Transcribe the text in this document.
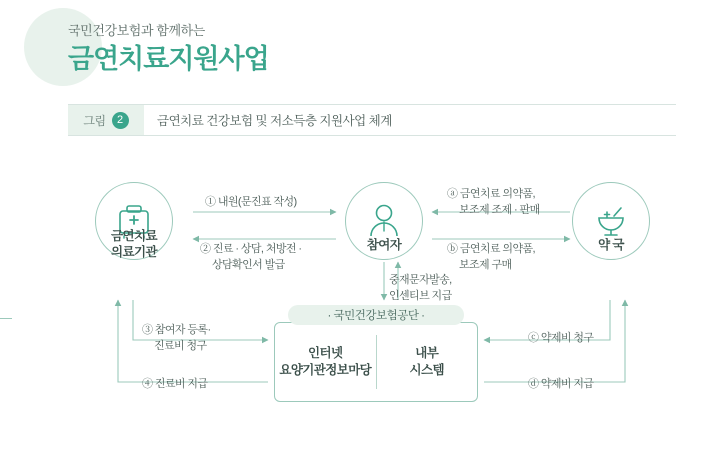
국민건강보험과 함께하는
금연치료지원사업
그림	2	금연치료 건강보험 및 저소득층 지원사업 체계
금연치료
의료기관	참여자	약 국
인터넷
요양기관정보마당
내부
시스템
· 국민건강보험공단 ·
① 내원(문진표 작성)
② 진료 · 상담, 처방전 ·
상담확인서 발급
ⓐ 금연치료 의약품,
보조제 조제 · 판매
ⓑ 금연치료 의약품,
보조제 구매
중재문자발송,
인센티브 지급
③ 참여자 등록·
진료비 청구
④ 진료비 지급
ⓒ 약제비 청구
ⓓ 약제비 지급
